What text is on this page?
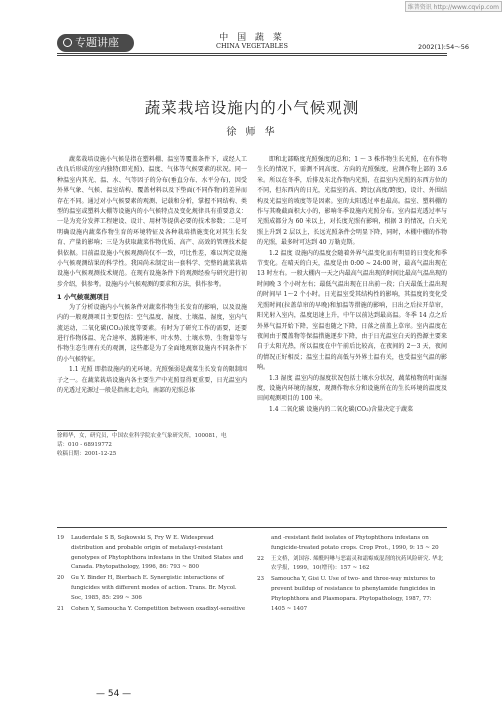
维普资讯 http://www.cqvip.com
专题讲座	中 国 蔬 菜
CHINA VEGETABLES	2002(1):54～56
蔬菜栽培设施内的小气候观测
徐 师 华

蔬菜栽培设施小气候是指在塑料棚、温室等覆盖条件下，或经人工改良后形成的室内独特(即光照)、温度、气体等气候要素的状况。同一种温室内其光、温、水、气等因子的分布(垂直分布、水平分布)，因受外界气象、气候、温室结构、覆盖材料以及下垫面(不同作物)的差异而存在不同。通过对小气候要素的观测、记载和分析，掌握不同结构、类型的温室或塑料大棚等设施内的小气候特点及变化规律具有重要意义：一是为充分发挥工程建设、设计、用材等提供必要的技术参数；二是可明确设施内蔬菜作物生育的环境特征及各种栽培措施变化对其生长发育、产量的影响；三是为获取蔬菜作物优质、高产、高效的管理技术提供依据。目前温设施小气候观测尚仅不一致，可比性差，难以判定设施小气候观测结果的科学性。我国尚未制定出一套科学、完整的蔬菜栽培设施小气候观测技术规范。在现有设施条件下的观测经验与研究进行初步介绍，供参考。设施内小气候观测的要求和方法，供作参考。

1 小气候观测项目

为了分析设施内小气候条件对蔬菜作物生长发育的影响，以及设施内的一般观测项目主要包括：空气温度、湿度、土壤温、湿度，室内气流运动，二氧化碳(CO₂)浓度等要素。有时为了研究工作的需要，还要进行作物体温、光合速率、蒸腾速率、叶水势、土壤水势、生物量等与作物生态生理有关的观测，这些都是为了全面地观察设施内不同条件下的小气候特征。

1.1 光照 即指设施内的光环境。光照强弱是蔬菜生长发育的限制因子之一。在蔬菜栽培设施内各主要生产中光照显得更重要，日光温室内的光透过光源过一般是指南北走向，南部的光照总体

即和北部略度光照强度的总和；1 ～ 3 株作物生长光照，在有作物生长的情况下，需测不同高度、方向的光照强度，应测作物上部的 3.6 米。所以在冬季，后排及东北作物内光照，在温室内光照的东西方位的不同，但东西内的日光，光温室的高、跨比(高度/跨度)，设计、外围结构及光温室的坡度等是因素。室的太阳透过率也最高。温室、塑料棚的作与其晚截面积大小的，影响冬季设施内光照分布。室内温光透过率与光照成都分为 60 米以上，对长度光照有影响，根据 3 的情况，白天光照上升到 2 层以上，长远光照条件会明显下降，同时，木棚中棚的作物的光照，最多时可达到 40 万勒克斯。

1.2 温度 设施内的温度会随着外界气温变化而有明显的日变化和季节变化。在晴天的白天，温度是由 0:00 ~ 24:00 时，最高气温出现在 13 时左右。一般大棚内一天之内最高气温出现的时间比最高气温出现的时间晚 3 个小时左右；最低气温出现在日出前一段；白天最低土温出现的时间早 1～2 个小时。日光温室受其结构性的影响，其温度的变化受光照时间(拉盖草帘的早晚)和加温等措施的影响，日出之后拉开草帘，阳光射入室内，温度迅速上升，中午以前达到最高温。冬季 14 点之后外界气温开始下降，室温也随之下降，日落之前盖上草帘。室内温度在夜间由于覆盖物等保温措施逐步下降，由于日光温室白天的热源主要来自于太阳光热，所以温度在中午前后比较高，在夜间的 2～3 天，夜间的情况正好相反；温室土温的高低与外界土温有关，也受温室气温的影响。

1.3 湿度 温室内的湿度状况包括土壤水分状况，蔬菜植物的叶面湿度，设施内环境的湿度，观测作物水分和设施所在的生长环境的温度及田间观测项目的 100 米。

1.4 二氧化碳 设施内的二氧化碳(CO₂)含量决定于蔬菜

徐师华，女，研究员，中国农业科学院农业气象研究所，100081，电话：010 - 68919772
收稿日期：2001-12-25
19	Lauderdale S B, Sojkowski S, Fry W E. Widespread distribution and probable origin of metalaxyl-resistant genotypes of Phytophthora infestans in the United States and Canada. Phytopathology, 1996, 86: 793 ~ 800
20	Gu Y. Binder H, Bierbach E. Synergistic interactions of fungicides with different modes of action. Trans. Br. Mycol. Soc, 1985, 85: 299 ~ 306
21	Cohen Y, Samoucha Y. Competition between oxadixyl-sensitive
and -resistant field isolates of Phytophthora infestans on fungicide-treated potato crops. Crop Prot., 1990, 9: 15 ~ 20
22	王文桥，刘国容. 烯酰吗啉与恶霜灵和霜霉威混剂的抗药风险研究. 华北农学报，1999，10(增刊)：157 ~ 162
23	Samoucha Y, Gisi U. Use of two- and three-way mixtures to prevent buildup of resistance to phenylamide fungicides in Phytophthora and Plasmopara. Phytopathology, 1987, 77: 1405 ~ 1407
— 54 —
